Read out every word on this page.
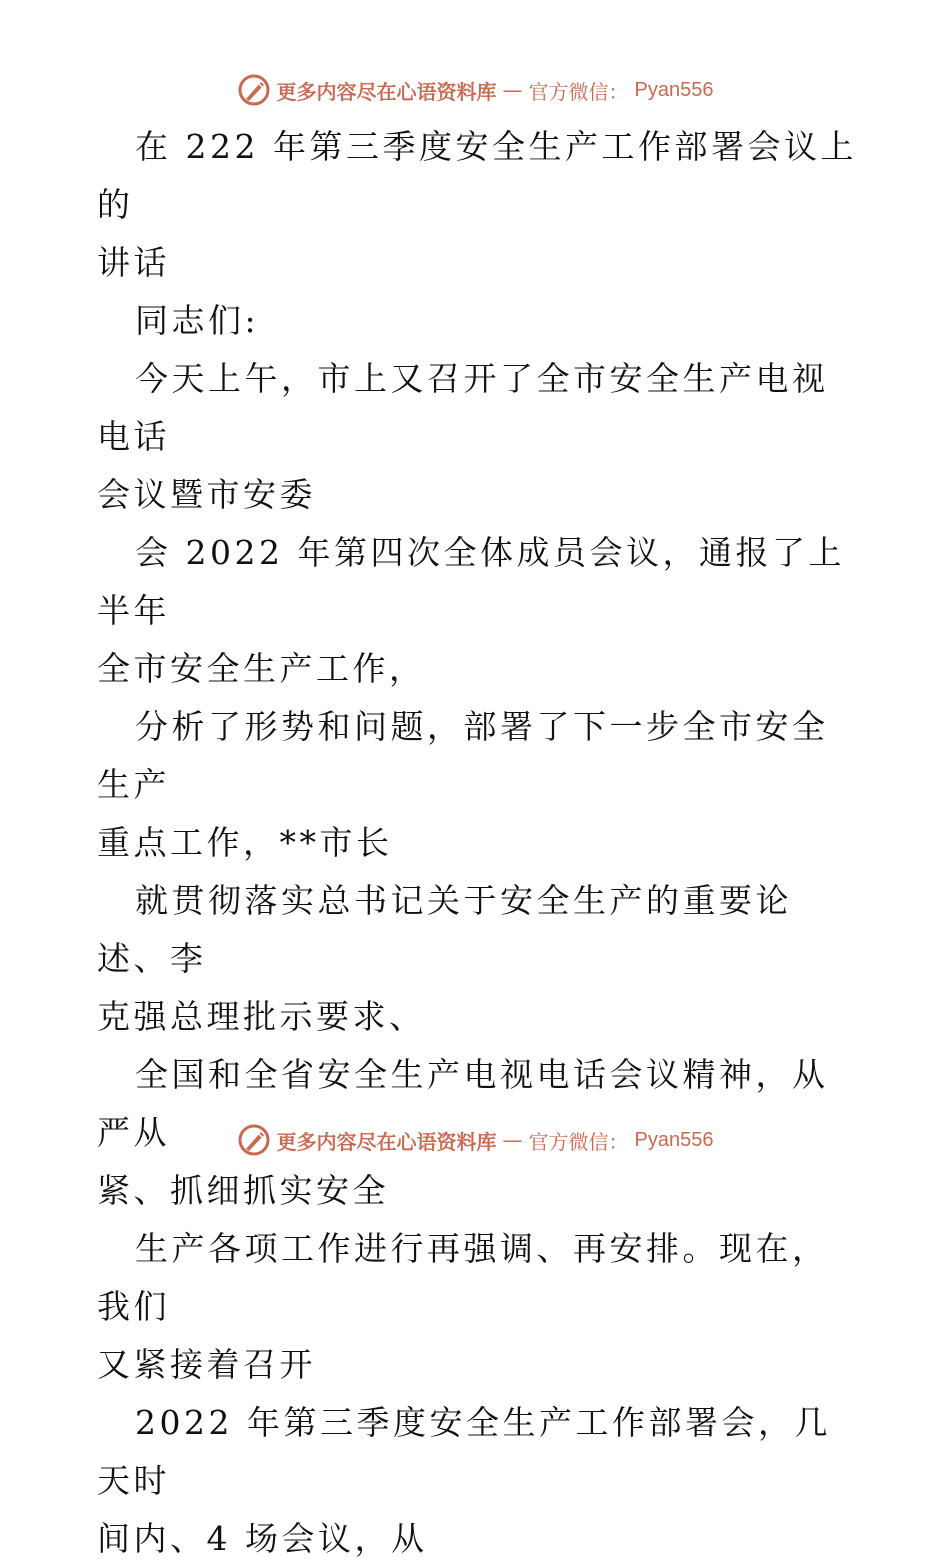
更多内容尽在心语资料库 — 官方微信： Pyan556

在 222 年第三季度安全生产工作部署会议上的
讲话

同志们:

今天上午，市上又召开了全市安全生产电视电话
会议暨市安委

会 2022 年第四次全体成员会议，通报了上半年
全市安全生产工作，

分析了形势和问题，部署了下一步全市安全生产
重点工作，**市长

就贯彻落实总书记关于安全生产的重要论述、李
克强总理批示要求、

全国和全省安全生产电视电话会议精神，从严从
紧、抓细抓实安全

生产各项工作进行再强调、再安排。现在，我们
又紧接着召开

2022 年第三季度安全生产工作部署会，几天时
间内、4 场会议，从

更多内容尽在心语资料库 — 官方微信： Pyan556
